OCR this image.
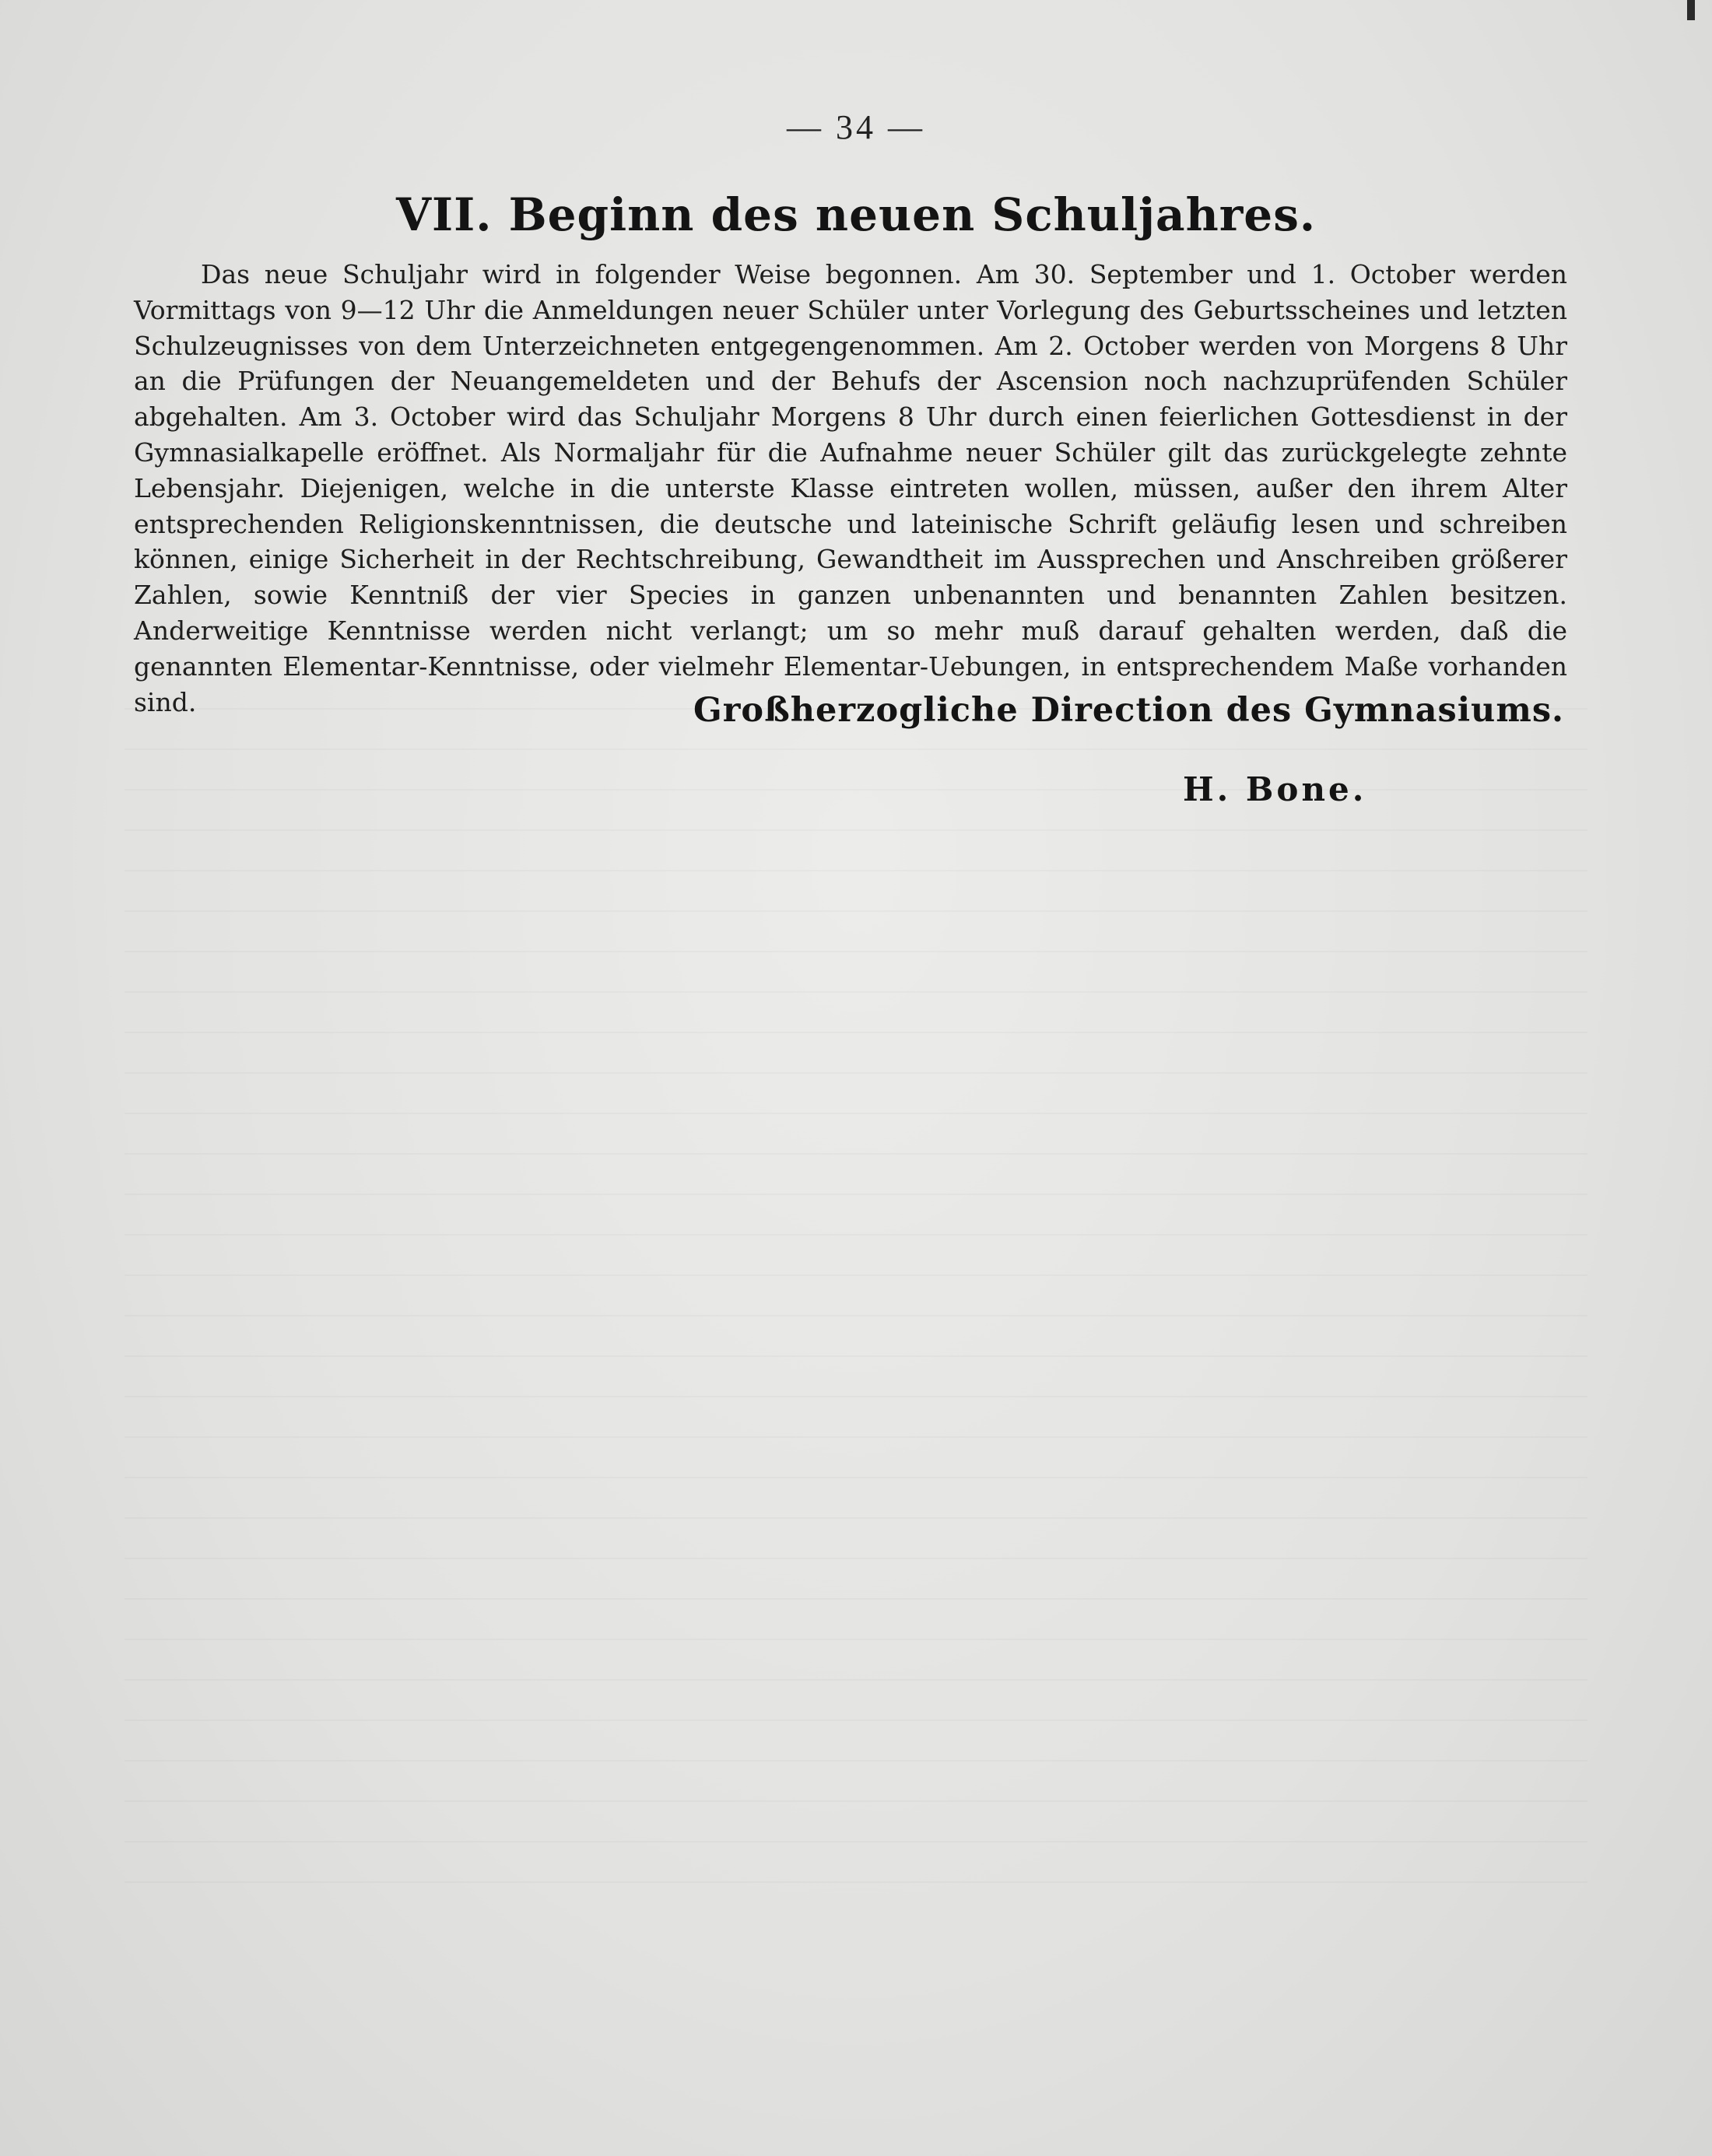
— 34 —
VII. Beginn des neuen Schuljahres.

Das neue Schuljahr wird in folgender Weise begonnen. Am 30. September und 1. October werden Vormittags von 9—12 Uhr die Anmeldungen neuer Schüler unter Vorlegung des Geburtsscheines und letzten Schulzeugnisses von dem Unterzeichneten entgegengenommen. Am 2. October werden von Morgens 8 Uhr an die Prüfungen der Neuangemeldeten und der Behufs der Ascension noch nachzuprüfenden Schüler abgehalten. Am 3. October wird das Schuljahr Morgens 8 Uhr durch einen feierlichen Gottesdienst in der Gymnasialkapelle eröffnet. Als Normaljahr für die Aufnahme neuer Schüler gilt das zurückgelegte zehnte Lebensjahr. Diejenigen, welche in die unterste Klasse eintreten wollen, müssen, außer den ihrem Alter entsprechenden Religionskenntnissen, die deutsche und lateinische Schrift geläufig lesen und schreiben können, einige Sicherheit in der Rechtschreibung, Gewandtheit im Aussprechen und Anschreiben größerer Zahlen, sowie Kenntniß der vier Species in ganzen unbenannten und benannten Zahlen besitzen. Anderweitige Kenntnisse werden nicht verlangt; um so mehr muß darauf gehalten werden, daß die genannten Elementar-Kenntnisse, oder vielmehr Elementar-Uebungen, in entsprechendem Maße vorhanden sind.	Großherzogliche Direction des Gymnasiums.
H. Bone.
